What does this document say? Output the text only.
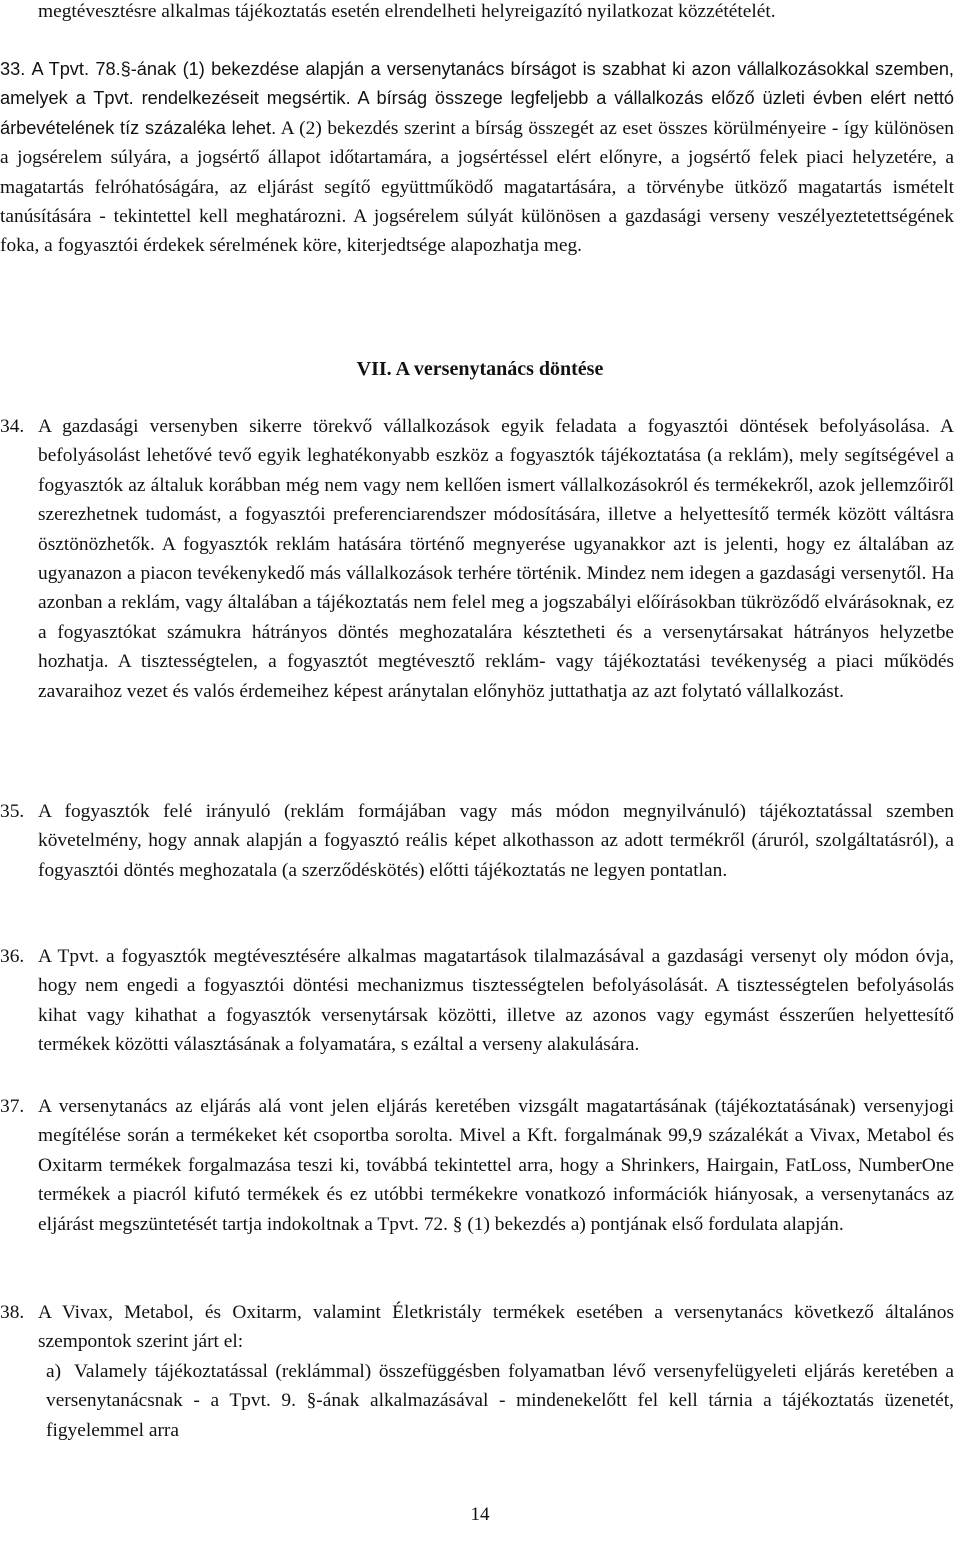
megtévesztésre alkalmas tájékoztatás esetén elrendelheti helyreigazító nyilatkozat közzétételét.
33. A Tpvt. 78.§-ának (1) bekezdése alapján a versenytanács bírságot is szabhat ki azon vállalkozásokkal szemben, amelyek a Tpvt. rendelkezéseit megsértik. A bírság összege legfeljebb a vállalkozás előző üzleti évben elért nettó árbevételének tíz százaléka lehet. A (2) bekezdés szerint a bírság összegét az eset összes körülményeire - így különösen a jogsérelem súlyára, a jogsértő állapot időtartamára, a jogsértéssel elért előnyre, a jogsértő felek piaci helyzetére, a magatartás felróhatóságára, az eljárást segítő együttműködő magatartására, a törvénybe ütköző magatartás ismételt tanúsítására - tekintettel kell meghatározni. A jogsérelem súlyát különösen a gazdasági verseny veszélyeztetettségének foka, a fogyasztói érdekek sérelmének köre, kiterjedtsége alapozhatja meg.
VII. A versenytanács döntése
34. A gazdasági versenyben sikerre törekvő vállalkozások egyik feladata a fogyasztói döntések befolyásolása. A befolyásolást lehetővé tevő egyik leghatékonyabb eszköz a fogyasztók tájékoztatása (a reklám), mely segítségével a fogyasztók az általuk korábban még nem vagy nem kellően ismert vállalkozásokról és termékekről, azok jellemzőiről szerezhetnek tudomást, a fogyasztói preferenciarendszer módosítására, illetve a helyettesítő termék között váltásra ösztönözhetők. A fogyasztók reklám hatására történő megnyerése ugyanakkor azt is jelenti, hogy ez általában az ugyanazon a piacon tevékenykedő más vállalkozások terhére történik. Mindez nem idegen a gazdasági versenytől. Ha azonban a reklám, vagy általában a tájékoztatás nem felel meg a jogszabályi előírásokban tükröződő elvárásoknak, ez a fogyasztókat számukra hátrányos döntés meghozatalára késztetheti és a versenytársakat hátrányos helyzetbe hozhatja. A tisztességtelen, a fogyasztót megtévesztő reklám- vagy tájékoztatási tevékenység a piaci működés zavaraihoz vezet és valós érdemeihez képest aránytalan előnyhöz juttathatja az azt folytató vállalkozást.
35. A fogyasztók felé irányuló (reklám formájában vagy más módon megnyilvánuló) tájékoztatással szemben követelmény, hogy annak alapján a fogyasztó reális képet alkothasson az adott termékről (áruról, szolgáltatásról), a fogyasztói döntés meghozatala (a szerződéskötés) előtti tájékoztatás ne legyen pontatlan.
36. A Tpvt. a fogyasztók megtévesztésére alkalmas magatartások tilalmazásával a gazdasági versenyt oly módon óvja, hogy nem engedi a fogyasztói döntési mechanizmus tisztességtelen befolyásolását. A tisztességtelen befolyásolás kihat vagy kihathat a fogyasztók versenytársak közötti, illetve az azonos vagy egymást ésszerűen helyettesítő termékek közötti választásának a folyamatára, s ezáltal a verseny alakulására.
37. A versenytanács az eljárás alá vont jelen eljárás keretében vizsgált magatartásának (tájékoztatásának) versenyjogi megítélése során a termékeket két csoportba sorolta. Mivel a Kft. forgalmának 99,9 százalékát a Vivax, Metabol és Oxitarm termékek forgalmazása teszi ki, továbbá tekintettel arra, hogy a Shrinkers, Hairgain, FatLoss, NumberOne termékek a piacról kifutó termékek és ez utóbbi termékekre vonatkozó információk hiányosak, a versenytanács az eljárást megszüntetését tartja indokoltnak a Tpvt. 72. § (1) bekezdés a) pontjának első fordulata alapján.
38. A Vivax, Metabol, és Oxitarm, valamint Életkristály termékek esetében a versenytanács következő általános szempontok szerint járt el:
a) Valamely tájékoztatással (reklámmal) összefüggésben folyamatban lévő versenyfelügyeleti eljárás keretében a versenytanácsnak - a Tpvt. 9. §-ának alkalmazásával - mindenekelőtt fel kell tárnia a tájékoztatás üzenetét, figyelemmel arra
14
